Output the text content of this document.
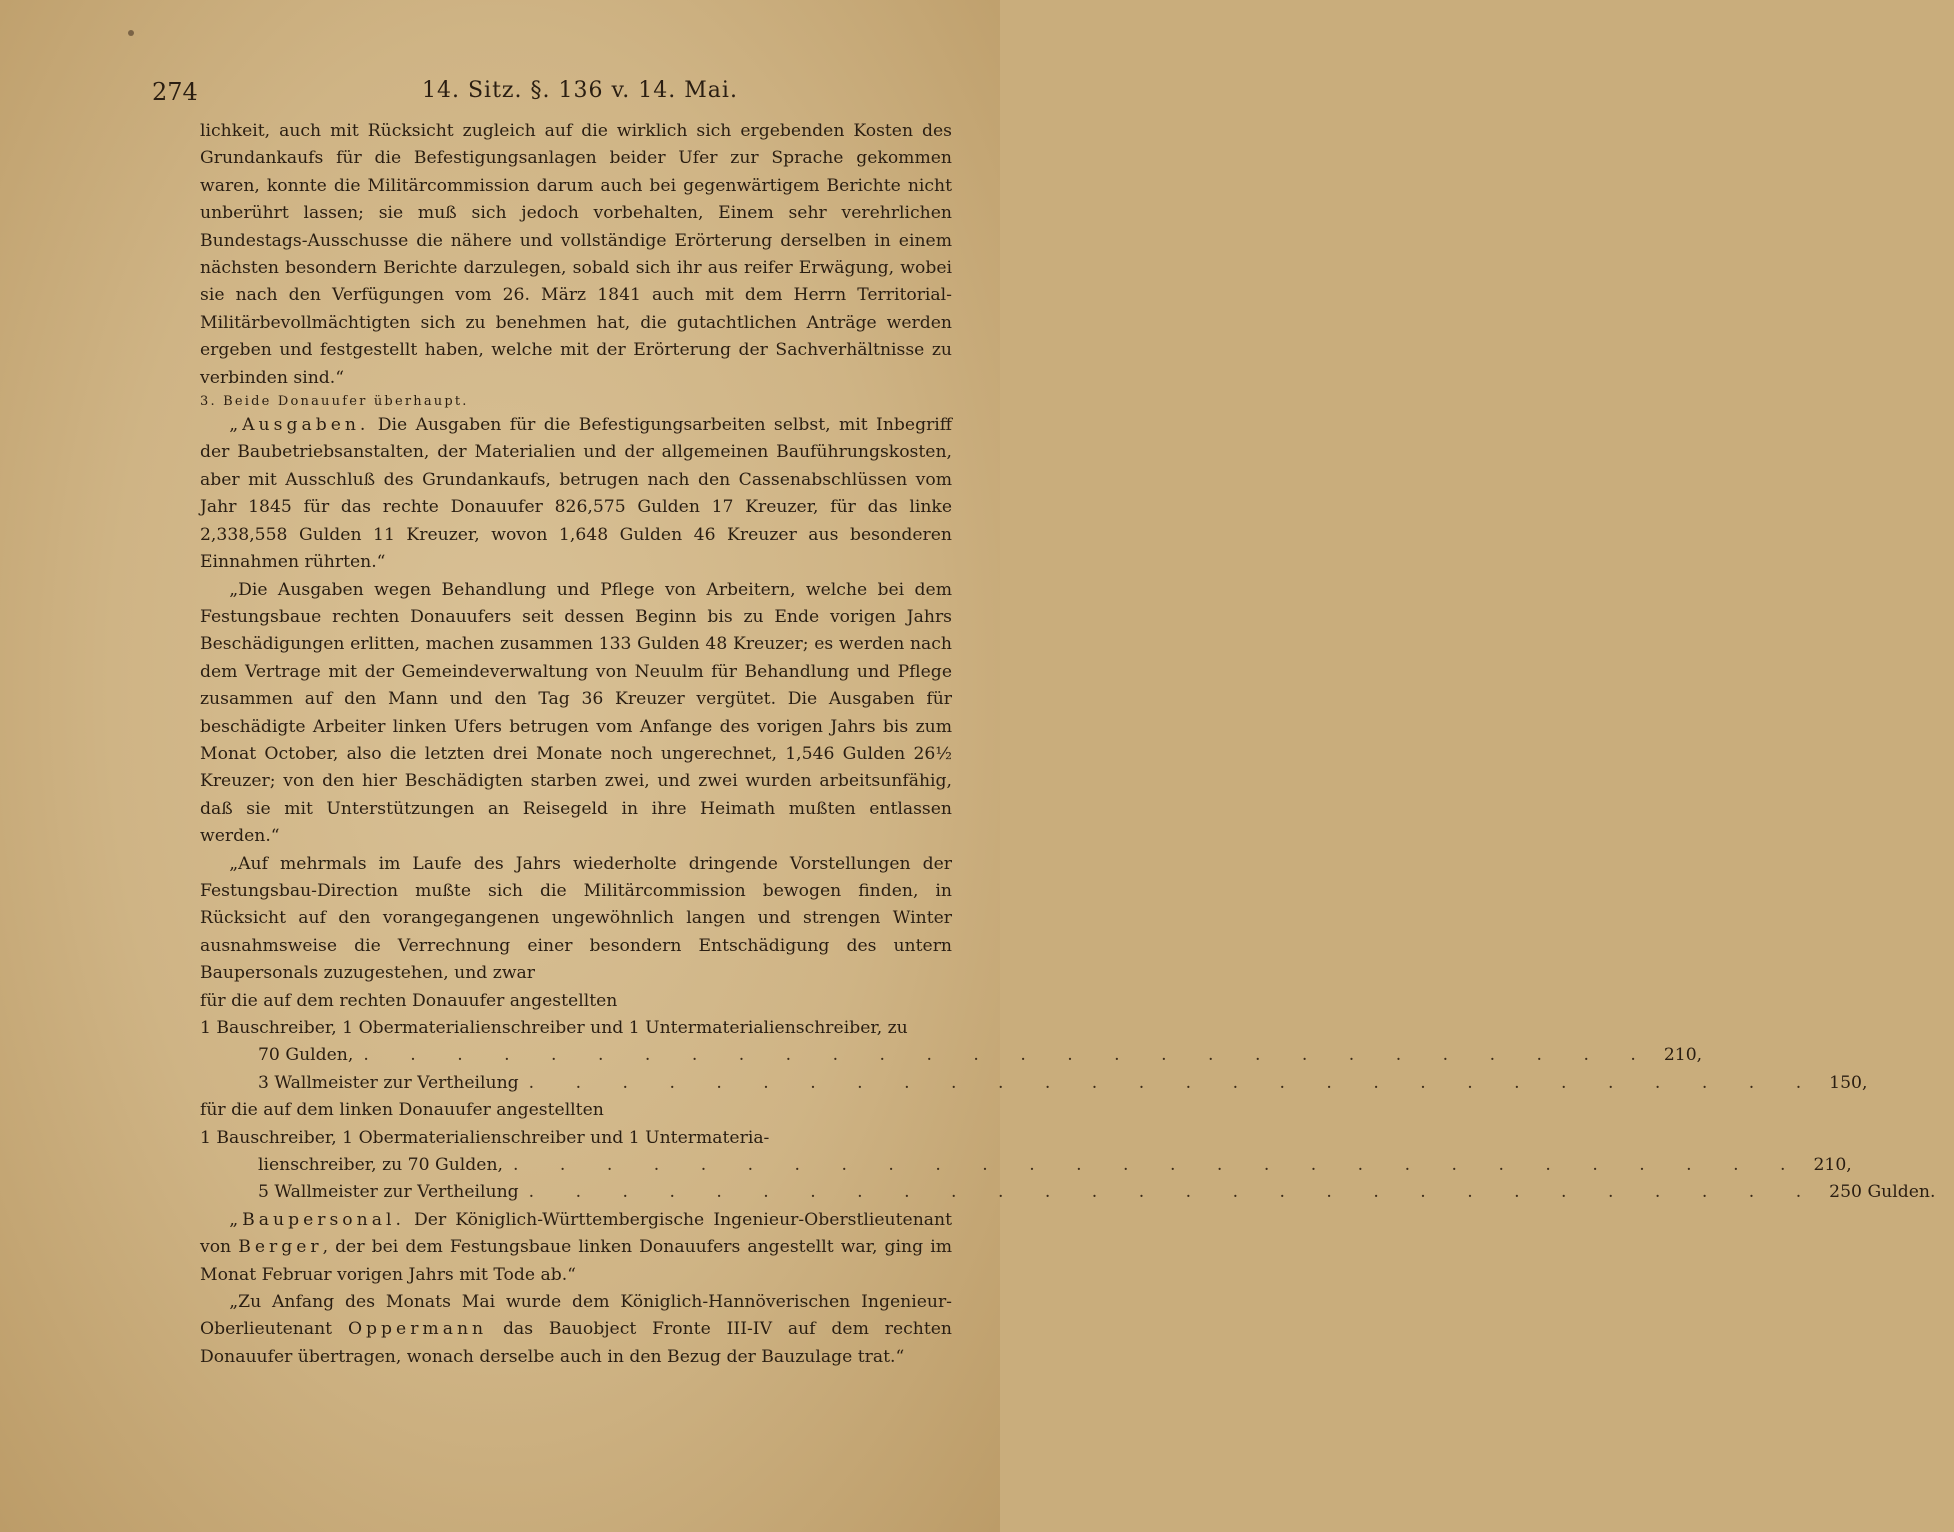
274	14. Sitz. §. 136 v. 14. Mai.

lichkeit, auch mit Rücksicht zugleich auf die wirklich sich ergebenden Kosten des Grundankaufs für die Befestigungsanlagen beider Ufer zur Sprache gekommen waren, konnte die Militärcommission darum auch bei gegenwärtigem Berichte nicht unberührt lassen; sie muß sich jedoch vorbehalten, Einem sehr verehrlichen Bundestags-Ausschusse die nähere und vollständige Erörterung derselben in einem nächsten besondern Berichte darzulegen, sobald sich ihr aus reifer Erwägung, wobei sie nach den Verfügungen vom 26. März 1841 auch mit dem Herrn Territorial-Militärbevollmächtigten sich zu benehmen hat, die gutachtlichen Anträge werden ergeben und festgestellt haben, welche mit der Erörterung der Sachverhältnisse zu verbinden sind.“

3. Beide Donauufer überhaupt.

„Ausgaben. Die Ausgaben für die Befestigungsarbeiten selbst, mit Inbegriff der Baubetriebsanstalten, der Materialien und der allgemeinen Bauführungskosten, aber mit Ausschluß des Grundankaufs, betrugen nach den Cassenabschlüssen vom Jahr 1845 für das rechte Donauufer 826,575 Gulden 17 Kreuzer, für das linke 2,338,558 Gulden 11 Kreuzer, wovon 1,648 Gulden 46 Kreuzer aus besonderen Einnahmen rührten.“

„Die Ausgaben wegen Behandlung und Pflege von Arbeitern, welche bei dem Festungsbaue rechten Donauufers seit dessen Beginn bis zu Ende vorigen Jahrs Beschädigungen erlitten, machen zusammen 133 Gulden 48 Kreuzer; es werden nach dem Vertrage mit der Gemeindeverwaltung von Neuulm für Behandlung und Pflege zusammen auf den Mann und den Tag 36 Kreuzer vergütet. Die Ausgaben für beschädigte Arbeiter linken Ufers betrugen vom Anfange des vorigen Jahrs bis zum Monat October, also die letzten drei Monate noch ungerechnet, 1,546 Gulden 26½ Kreuzer; von den hier Beschädigten starben zwei, und zwei wurden arbeitsunfähig, daß sie mit Unterstützungen an Reisegeld in ihre Heimath mußten entlassen werden.“

„Auf mehrmals im Laufe des Jahrs wiederholte dringende Vorstellungen der Festungsbau-Direction mußte sich die Militärcommission bewogen finden, in Rücksicht auf den vorangegangenen ungewöhnlich langen und strengen Winter ausnahmsweise die Verrechnung einer besondern Entschädigung des untern Baupersonals zuzugestehen, und zwar

für die auf dem rechten Donauufer angestellten

1 Bauschreiber, 1 Obermaterialienschreiber und 1 Untermaterialienschreiber, zu

70 Gulden, . . . . . . . . . . . . . . . . . . . . . . . . . . . . 210,
3 Wallmeister zur Vertheilung . . . . . . . . . . . . . . . . . . . . . . . . . . . . 150,

für die auf dem linken Donauufer angestellten

1 Bauschreiber, 1 Obermaterialienschreiber und 1 Untermateria-

lienschreiber, zu 70 Gulden, . . . . . . . . . . . . . . . . . . . . . . . . . . . . 210,
5 Wallmeister zur Vertheilung . . . . . . . . . . . . . . . . . . . . . . . . . . . . 250 Gulden.

„Baupersonal. Der Königlich-Württembergische Ingenieur-Oberstlieutenant von Berger, der bei dem Festungsbaue linken Donauufers angestellt war, ging im Monat Februar vorigen Jahrs mit Tode ab.“

„Zu Anfang des Monats Mai wurde dem Königlich-Hannöverischen Ingenieur-Oberlieutenant Oppermann das Bauobject Fronte III-IV auf dem rechten Donauufer übertragen, wonach derselbe auch in den Bezug der Bauzulage trat.“
